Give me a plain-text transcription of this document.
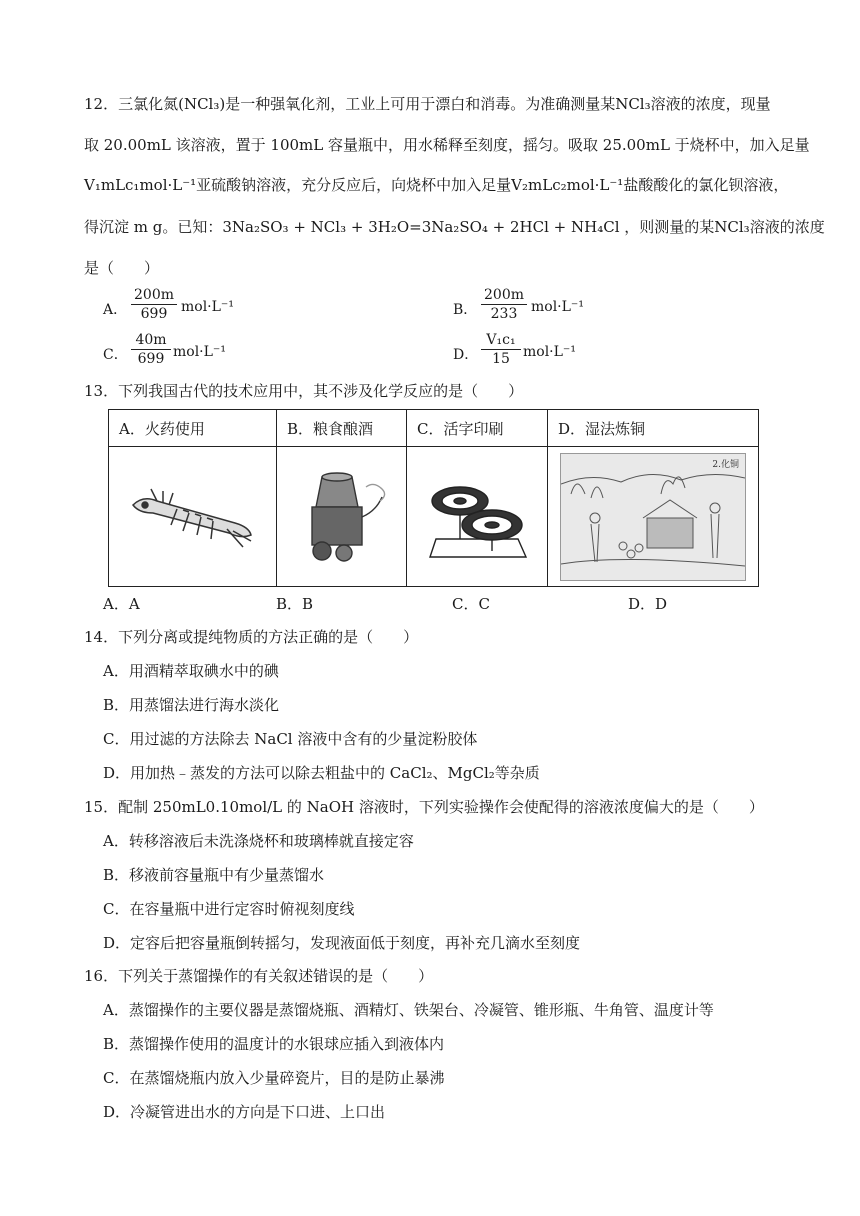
12．三氯化氮(NCl₃)是一种强氧化剂，工业上可用于漂白和消毒。为准确测量某NCl₃溶液的浓度，现量
取 20.00mL 该溶液，置于 100mL 容量瓶中，用水稀释至刻度，摇匀。吸取 25.00mL 于烧杯中，加入足量
V₁mLc₁mol·L⁻¹亚硫酸钠溶液，充分反应后，向烧杯中加入足量V₂mLc₂mol·L⁻¹盐酸酸化的氯化钡溶液，
得沉淀 m g。已知：3Na₂SO₃ + NCl₃ + 3H₂O=3Na₂SO₄ + 2HCl + NH₄Cl ，则测量的某NCl₃溶液的浓度
是（　　）
A． $\frac{200m}{699} mol\cdot L^{-1}$	B． $\frac{200m}{233} mol\cdot L^{-1}$
C． $\frac{40m}{699} mol\cdot L^{-1}$	D． $\frac{\text{V₁c₁}}{15} mol\cdot L^{-1}$
13．下列我国古代的技术应用中，其不涉及化学反应的是（　　）
A．火药使用	B．粮食酿酒	C．活字印刷	D．湿法炼铜

2.化铜
A．A	B．B	C．C	D．D
14．下列分离或提纯物质的方法正确的是（　　）
A．用酒精萃取碘水中的碘
B．用蒸馏法进行海水淡化
C．用过滤的方法除去 NaCl 溶液中含有的少量淀粉胶体
D．用加热﹣蒸发的方法可以除去粗盐中的 CaCl₂、MgCl₂等杂质
15．配制 250mL0.10mol/L 的 NaOH 溶液时，下列实验操作会使配得的溶液浓度偏大的是（　　）
A．转移溶液后未洗涤烧杯和玻璃棒就直接定容
B．移液前容量瓶中有少量蒸馏水
C．在容量瓶中进行定容时俯视刻度线
D．定容后把容量瓶倒转摇匀，发现液面低于刻度，再补充几滴水至刻度
16．下列关于蒸馏操作的有关叙述错误的是（　　）
A．蒸馏操作的主要仪器是蒸馏烧瓶、酒精灯、铁架台、冷凝管、锥形瓶、牛角管、温度计等
B．蒸馏操作使用的温度计的水银球应插入到液体内
C．在蒸馏烧瓶内放入少量碎瓷片，目的是防止暴沸
D．冷凝管进出水的方向是下口进、上口出
